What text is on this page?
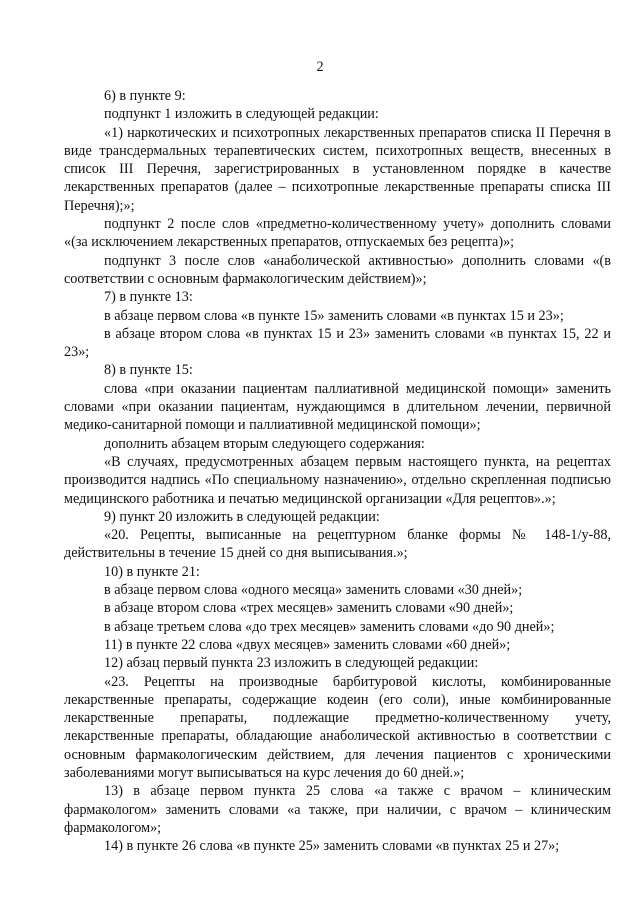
2

6) в пункте 9:

подпункт 1 изложить в следующей редакции:

«1) наркотических и психотропных лекарственных препаратов списка II Перечня в виде трансдермальных терапевтических систем, психотропных веществ, внесенных в список III Перечня, зарегистрированных в установленном порядке в качестве лекарственных препаратов (далее – психотропные лекарственные препараты списка III Перечня);»;

подпункт 2 после слов «предметно-количественному учету» дополнить словами «(за исключением лекарственных препаратов, отпускаемых без рецепта)»;

подпункт 3 после слов «анаболической активностью» дополнить словами «(в соответствии с основным фармакологическим действием)»;

7) в пункте 13:

в абзаце первом слова «в пункте 15» заменить словами «в пунктах 15 и 23»;

в абзаце втором слова «в пунктах 15 и 23» заменить словами «в пунктах 15, 22 и 23»;

8) в пункте 15:

слова «при оказании пациентам паллиативной медицинской помощи» заменить словами «при оказании пациентам, нуждающимся в длительном лечении, первичной медико-санитарной помощи и паллиативной медицинской помощи»;

дополнить абзацем вторым следующего содержания:

«В случаях, предусмотренных абзацем первым настоящего пункта, на рецептах производится надпись «По специальному назначению», отдельно скрепленная подписью медицинского работника и печатью медицинской организации «Для рецептов».»;

9) пункт 20 изложить в следующей редакции:

«20. Рецепты, выписанные на рецептурном бланке формы № 148-1/у-88, действительны в течение 15 дней со дня выписывания.»;

10) в пункте 21:

в абзаце первом слова «одного месяца» заменить словами «30 дней»;

в абзаце втором слова «трех месяцев» заменить словами «90 дней»;

в абзаце третьем слова «до трех месяцев» заменить словами «до 90 дней»;

11) в пункте 22 слова «двух месяцев» заменить словами «60 дней»;

12) абзац первый пункта 23 изложить в следующей редакции:

«23. Рецепты на производные барбитуровой кислоты, комбинированные лекарственные препараты, содержащие кодеин (его соли), иные комбинированные лекарственные препараты, подлежащие предметно-количественному учету, лекарственные препараты, обладающие анаболической активностью в соответствии с основным фармакологическим действием, для лечения пациентов с хроническими заболеваниями могут выписываться на курс лечения до 60 дней.»;

13) в абзаце первом пункта 25 слова «а также с врачом – клиническим фармакологом» заменить словами «а также, при наличии, с врачом – клиническим фармакологом»;

14) в пункте 26 слова «в пункте 25» заменить словами «в пунктах 25 и 27»;
